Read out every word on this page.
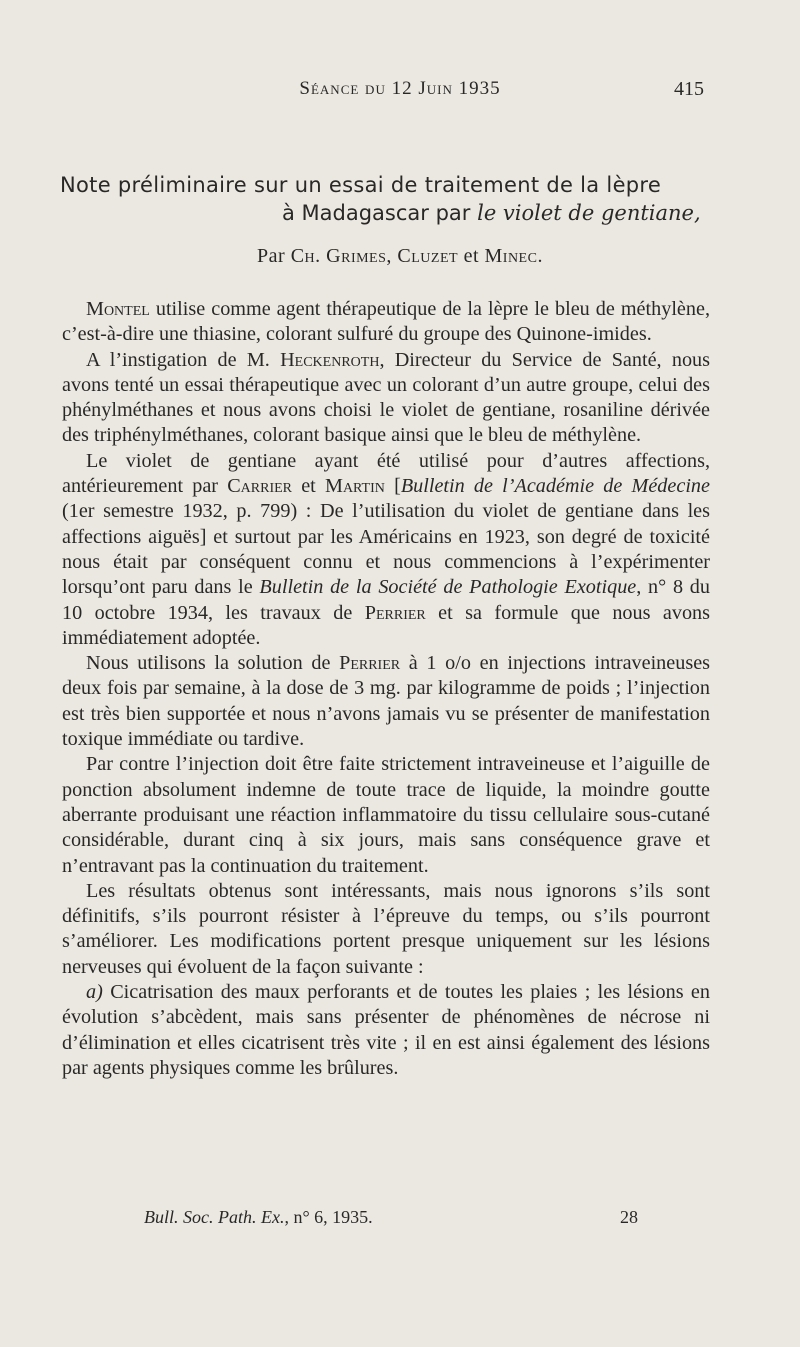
Séance du 12 Juin 1935	415
Note préliminaire sur un essai de traitement de la lèpre
à Madagascar par le violet de gentiane,
Par Ch. Grimes, Cluzet et Minec.

Montel utilise comme agent thérapeutique de la lèpre le bleu de méthylène, c’est-à-dire une thiasine, colorant sulfuré du groupe des Quinone-imides.

A l’instigation de M. Heckenroth, Directeur du Service de Santé, nous avons tenté un essai thérapeutique avec un colorant d’un autre groupe, celui des phénylméthanes et nous avons choisi le violet de gentiane, rosaniline dérivée des triphénylméthanes, colorant basique ainsi que le bleu de méthylène.

Le violet de gentiane ayant été utilisé pour d’autres affections, antérieurement par Carrier et Martin [Bulletin de l’Académie de Médecine (1er semestre 1932, p. 799) : De l’utilisation du violet de gentiane dans les affections aiguës] et surtout par les Américains en 1923, son degré de toxicité nous était par conséquent connu et nous commencions à l’expérimenter lorsqu’ont paru dans le Bulletin de la Société de Pathologie Exotique, n° 8 du 10 octobre 1934, les travaux de Perrier et sa formule que nous avons immédiatement adoptée.

Nous utilisons la solution de Perrier à 1 o/o en injections intraveineuses deux fois par semaine, à la dose de 3 mg. par kilogramme de poids ; l’injection est très bien supportée et nous n’avons jamais vu se présenter de manifestation toxique immédiate ou tardive.

Par contre l’injection doit être faite strictement intraveineuse et l’aiguille de ponction absolument indemne de toute trace de liquide, la moindre goutte aberrante produisant une réaction inflammatoire du tissu cellulaire sous-cutané considérable, durant cinq à six jours, mais sans conséquence grave et n’entravant pas la continuation du traitement.

Les résultats obtenus sont intéressants, mais nous ignorons s’ils sont définitifs, s’ils pourront résister à l’épreuve du temps, ou s’ils pourront s’améliorer. Les modifications portent presque uniquement sur les lésions nerveuses qui évoluent de la façon suivante :

a) Cicatrisation des maux perforants et de toutes les plaies ; les lésions en évolution s’abcèdent, mais sans présenter de phénomènes de nécrose ni d’élimination et elles cicatrisent très vite ; il en est ainsi également des lésions par agents physiques comme les brûlures.

Bull. Soc. Path. Ex., n° 6, 1935.	28
